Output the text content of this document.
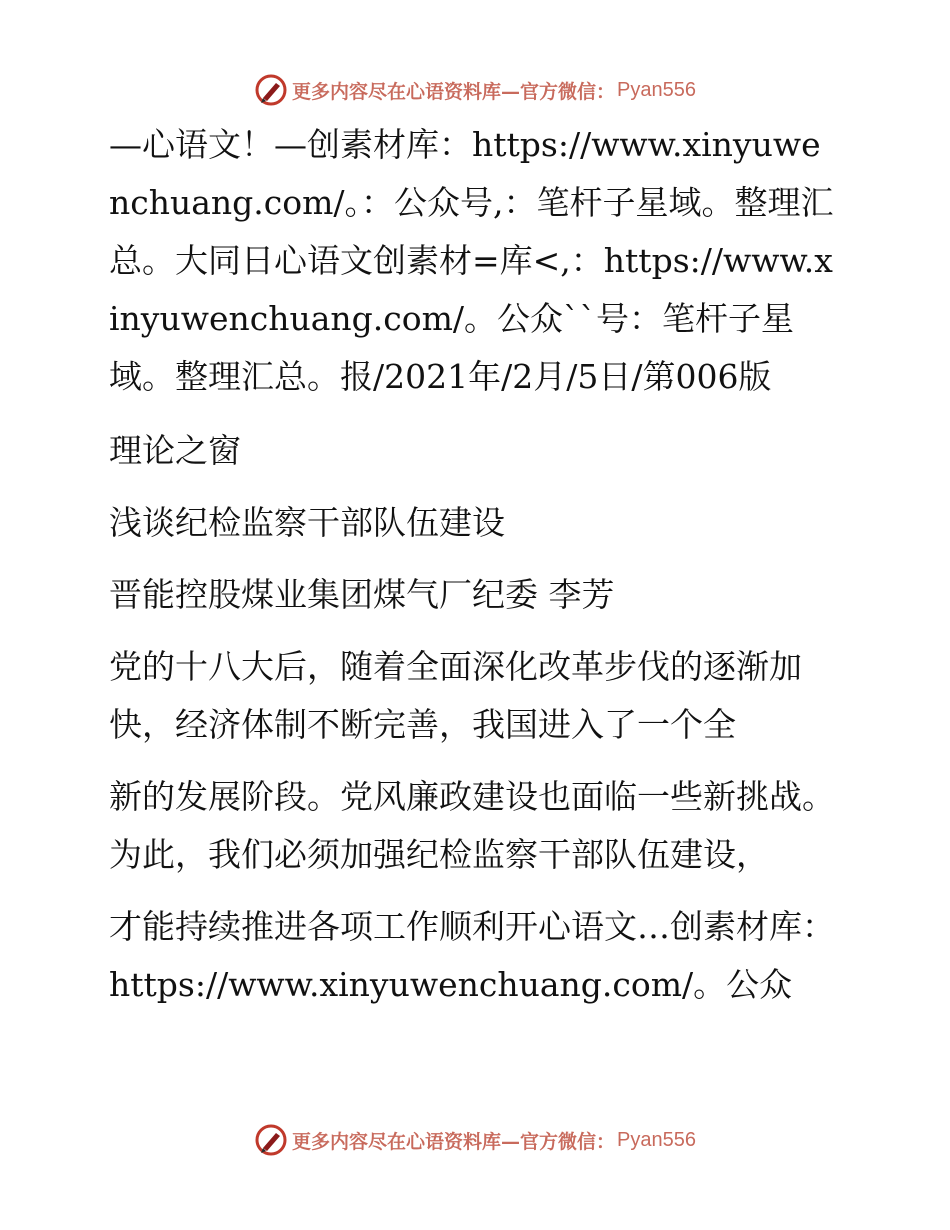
更多内容尽在心语资料库—官方微信： Pyan556

—心语文！—创素材库：https://www.xinyuwenchuang.com/。：公众号,：笔杆子星域。整理汇总。大同日心语文创素材=库<,：https://www.xinyuwenchuang.com/。公众``号：笔杆子星域。整理汇总。报/2021年/2月/5日/第006版

理论之窗

浅谈纪检监察干部队伍建设

晋能控股煤业集团煤气厂纪委 李芳

党的十八大后，随着全面深化改革步伐的逐渐加快，经济体制不断完善，我国进入了一个全

新的发展阶段。党风廉政建设也面临一些新挑战。为此，我们必须加强纪检监察干部队伍建设，

才能持续推进各项工作顺利开心语文…创素材库：https://www.xinyuwenchuang.com/。公众

更多内容尽在心语资料库—官方微信： Pyan556
